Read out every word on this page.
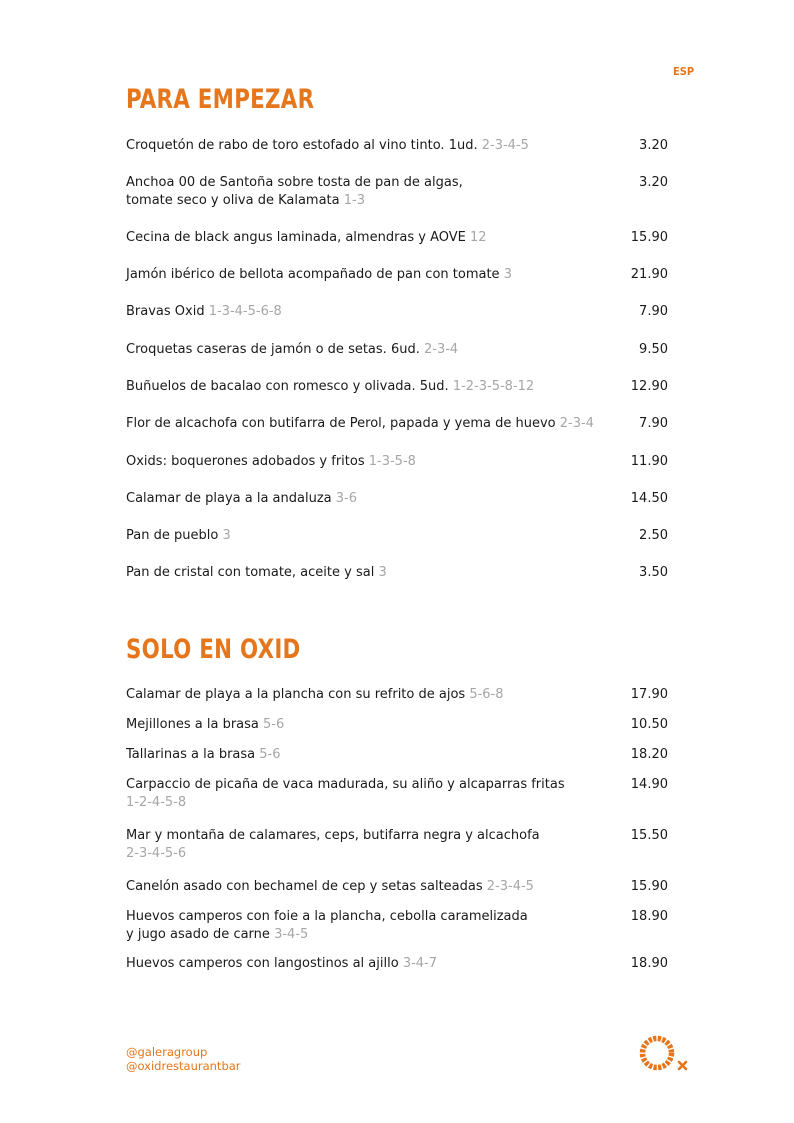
ESP
PARA EMPEZAR
Croquetón de rabo de toro estofado al vino tinto. 1ud. 2-3-4-5	3.20
Anchoa 00 de Santoña sobre tosta de pan de algas,
tomate seco y oliva de Kalamata 1-3
3.20
Cecina de black angus laminada, almendras y AOVE 12	15.90
Jamón ibérico de bellota acompañado de pan con tomate 3	21.90
Bravas Oxid 1-3-4-5-6-8	7.90
Croquetas caseras de jamón o de setas. 6ud. 2-3-4	9.50
Buñuelos de bacalao con romesco y olivada. 5ud. 1-2-3-5-8-12	12.90
Flor de alcachofa con butifarra de Perol, papada y yema de huevo 2-3-4	7.90
Oxids: boquerones adobados y fritos 1-3-5-8	11.90
Calamar de playa a la andaluza 3-6	14.50
Pan de pueblo 3	2.50
Pan de cristal con tomate, aceite y sal 3	3.50
SOLO EN OXID
Calamar de playa a la plancha con su refrito de ajos 5-6-8	17.90
Mejillones a la brasa 5-6	10.50
Tallarinas a la brasa 5-6	18.20
Carpaccio de picaña de vaca madurada, su aliño y alcaparras fritas
1-2-4-5-8
14.90
Mar y montaña de calamares, ceps, butifarra negra y alcachofa
2-3-4-5-6
15.50
Canelón asado con bechamel de cep y setas salteadas 2-3-4-5	15.90
Huevos camperos con foie a la plancha, cebolla caramelizada
y jugo asado de carne 3-4-5
18.90
Huevos camperos con langostinos al ajillo 3-4-7	18.90
@galeragroup
@oxidrestaurantbar
